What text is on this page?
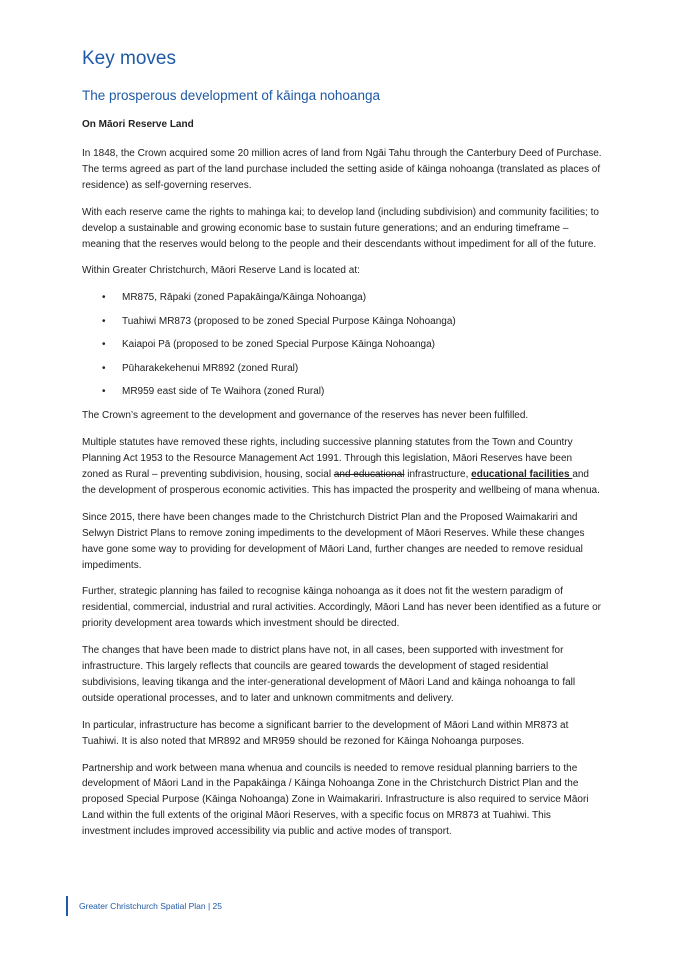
Key moves
The prosperous development of kāinga nohoanga
On Māori Reserve Land

In 1848, the Crown acquired some 20 million acres of land from Ngāi Tahu through the Canterbury Deed of Purchase. The terms agreed as part of the land purchase included the setting aside of kāinga nohoanga (translated as places of residence) as self-governing reserves.

With each reserve came the rights to mahinga kai; to develop land (including subdivision) and community facilities; to develop a sustainable and growing economic base to sustain future generations; and an enduring timeframe – meaning that the reserves would belong to the people and their descendants without impediment for all of the future.

Within Greater Christchurch, Māori Reserve Land is located at:

• MR875, Rāpaki (zoned Papakāinga/Kāinga Nohoanga)
• Tuahiwi MR873 (proposed to be zoned Special Purpose Kāinga Nohoanga)
• Kaiapoi Pā (proposed to be zoned Special Purpose Kāinga Nohoanga)
• Pūharakekehenui MR892 (zoned Rural)
• MR959 east side of Te Waihora (zoned Rural)

The Crown’s agreement to the development and governance of the reserves has never been fulfilled.

Multiple statutes have removed these rights, including successive planning statutes from the Town and Country Planning Act 1953 to the Resource Management Act 1991. Through this legislation, Māori Reserves have been zoned as Rural – preventing subdivision, housing, social and educational infrastructure, educational facilities and the development of prosperous economic activities. This has impacted the prosperity and wellbeing of mana whenua.

Since 2015, there have been changes made to the Christchurch District Plan and the Proposed Waimakariri and Selwyn District Plans to remove zoning impediments to the development of Māori Reserves. While these changes have gone some way to providing for development of Māori Land, further changes are needed to remove residual impediments.

Further, strategic planning has failed to recognise kāinga nohoanga as it does not fit the western paradigm of residential, commercial, industrial and rural activities. Accordingly, Māori Land has never been identified as a future or priority development area towards which investment should be directed.

The changes that have been made to district plans have not, in all cases, been supported with investment for infrastructure. This largely reflects that councils are geared towards the development of staged residential subdivisions, leaving tikanga and the inter-generational development of Māori Land and kāinga nohoanga to fall outside operational processes, and to later and unknown commitments and delivery.

In particular, infrastructure has become a significant barrier to the development of Māori Land within MR873 at Tuahiwi. It is also noted that MR892 and MR959 should be rezoned for Kāinga Nohoanga purposes.

Partnership and work between mana whenua and councils is needed to remove residual planning barriers to the development of Māori Land in the Papakāinga / Kāinga Nohoanga Zone in the Christchurch District Plan and the proposed Special Purpose (Kāinga Nohoanga) Zone in Waimakariri. Infrastructure is also required to service Māori Land within the full extents of the original Māori Reserves, with a specific focus on MR873 at Tuahiwi. This investment includes improved accessibility via public and active modes of transport.

Greater Christchurch Spatial Plan | 25
